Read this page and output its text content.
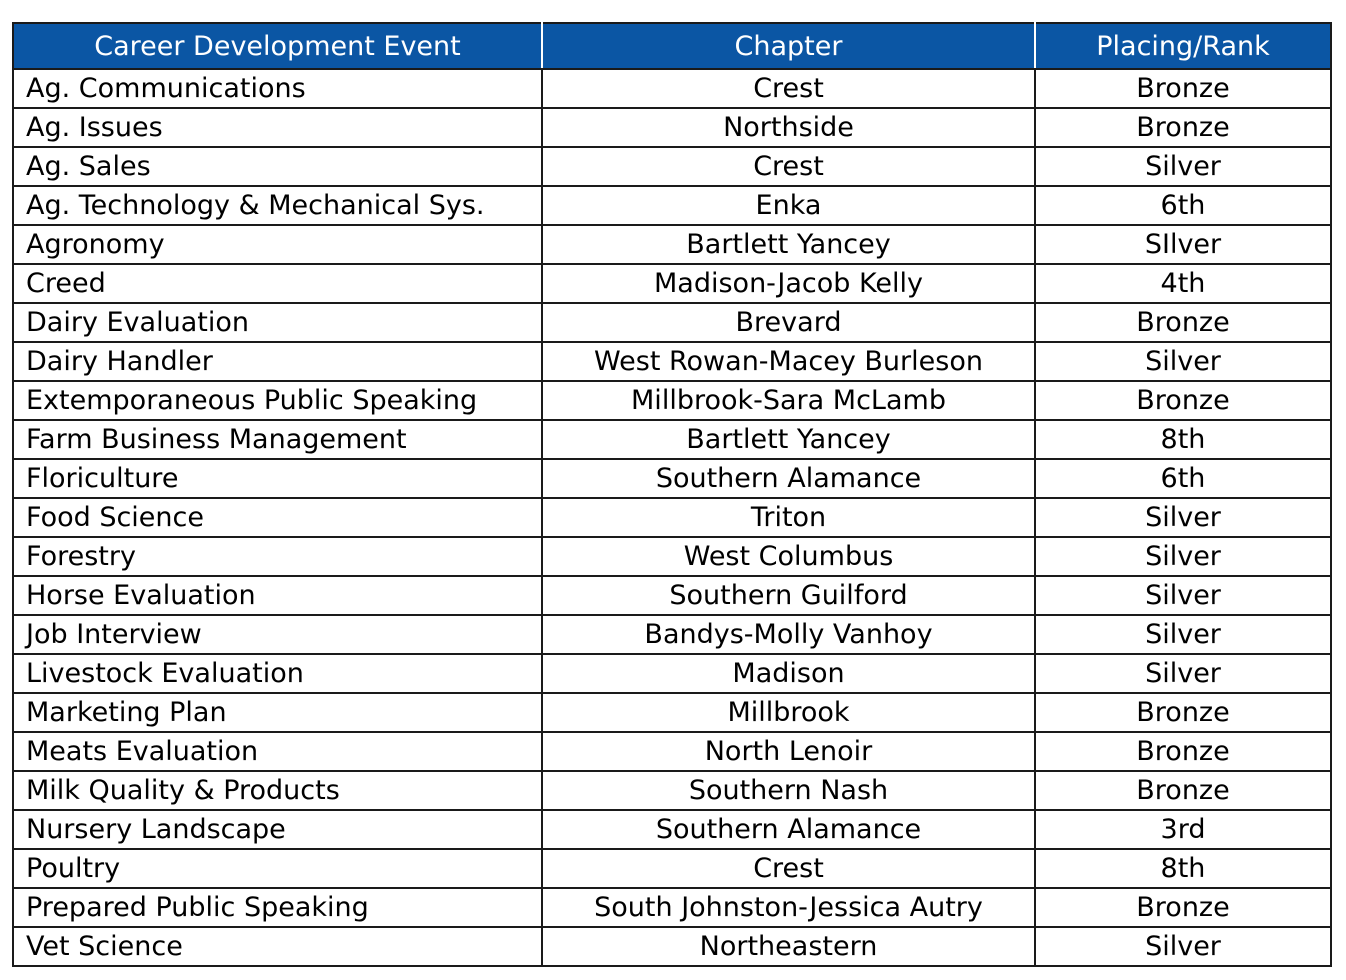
Career Development Event	Chapter	Placing/Rank
Ag. Communications	Crest	Bronze
Ag. Issues	Northside	Bronze
Ag. Sales	Crest	Silver
Ag. Technology & Mechanical Sys.	Enka	6th
Agronomy	Bartlett Yancey	SIlver
Creed	Madison-Jacob Kelly	4th
Dairy Evaluation	Brevard	Bronze
Dairy Handler	West Rowan-Macey Burleson	Silver
Extemporaneous Public Speaking	Millbrook-Sara McLamb	Bronze
Farm Business Management	Bartlett Yancey	8th
Floriculture	Southern Alamance	6th
Food Science	Triton	Silver
Forestry	West Columbus	Silver
Horse Evaluation	Southern Guilford	Silver
Job Interview	Bandys-Molly Vanhoy	Silver
Livestock Evaluation	Madison	Silver
Marketing Plan	Millbrook	Bronze
Meats Evaluation	North Lenoir	Bronze
Milk Quality & Products	Southern Nash	Bronze
Nursery Landscape	Southern Alamance	3rd
Poultry	Crest	8th
Prepared Public Speaking	South Johnston-Jessica Autry	Bronze
Vet Science	Northeastern	Silver
